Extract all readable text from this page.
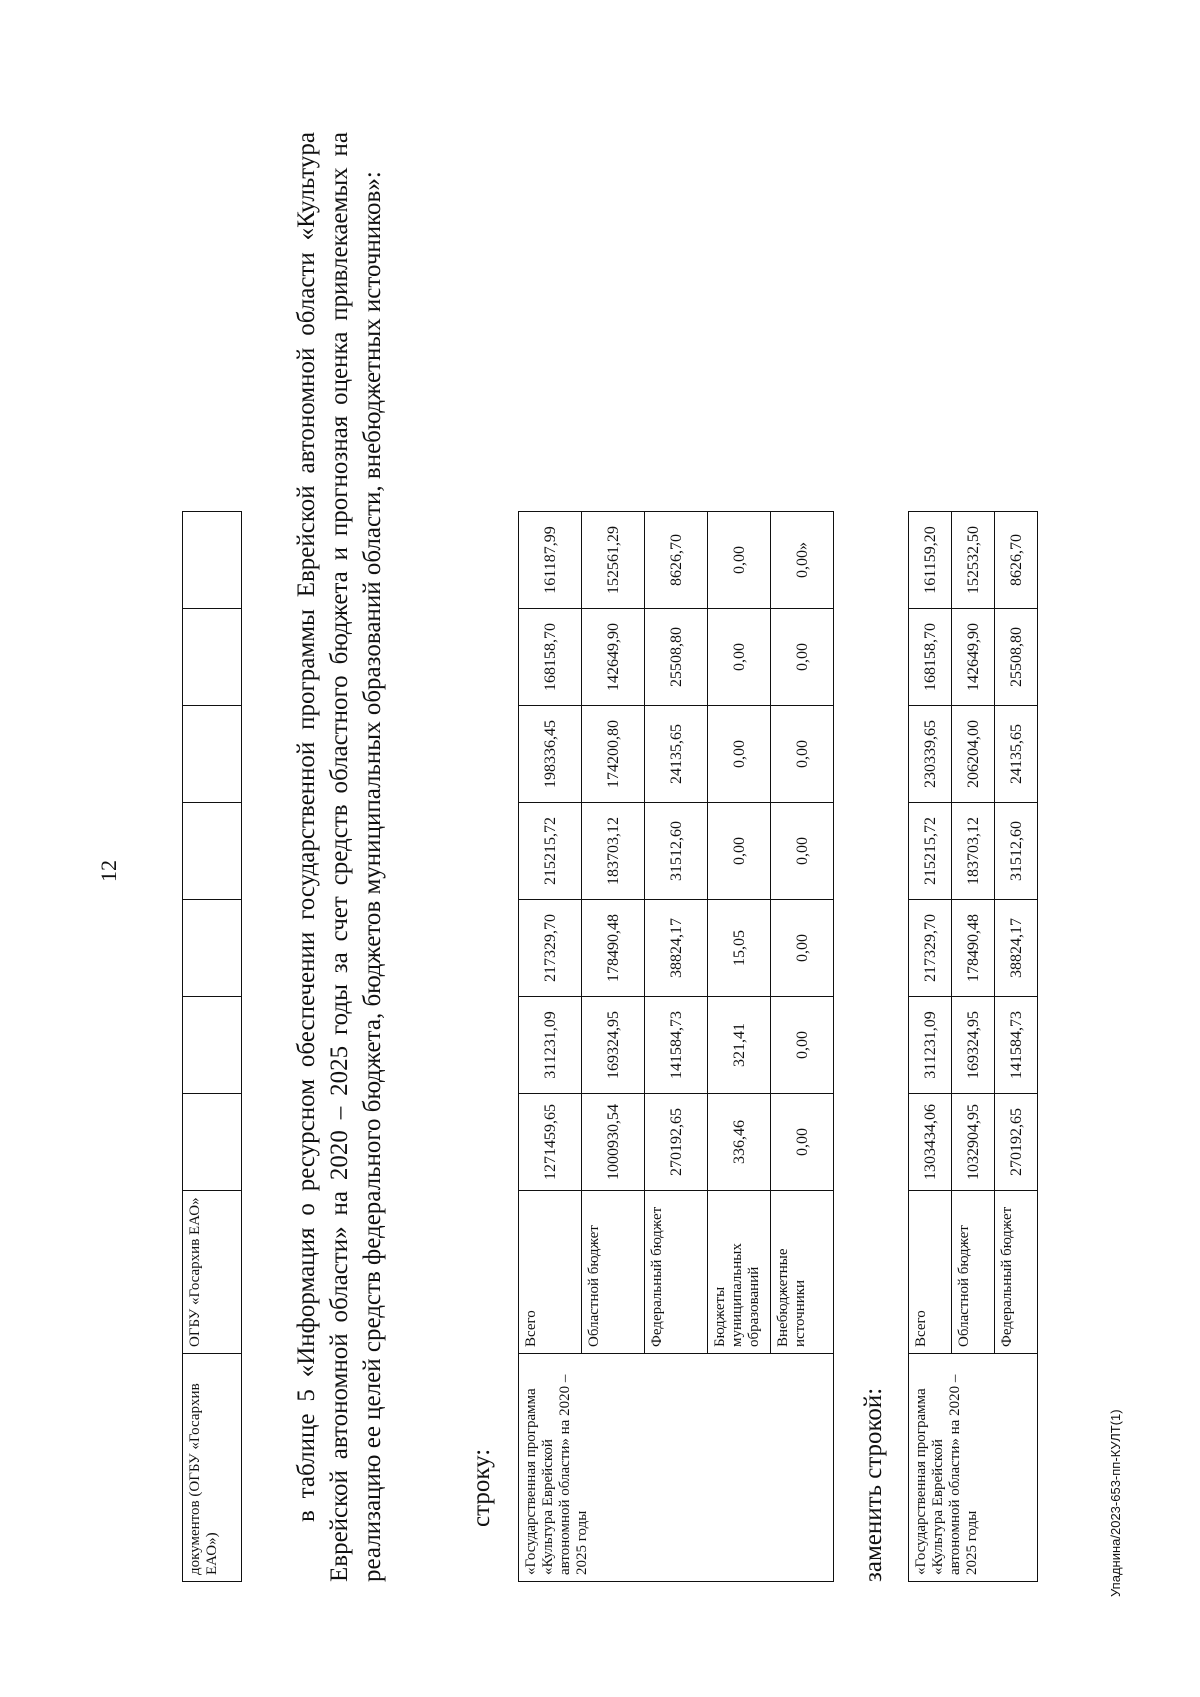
12
документов (ОГБУ «Госархив ЕАО»)	ОГБУ «Госархив ЕАО»								в таблице 5 «Информация о ресурсном обеспечении государственной программы Еврейской автономной области «Культура Еврейской автономной области» на 2020 – 2025 годы за счет средств областного бюджета и прогнозная оценка привлекаемых на реализацию ее целей средств федерального бюджета, бюджетов муниципальных образований области, внебюджетных источников»:	строку: «Государственная программа «Культура Еврейской автономной области» на 2020 – 2025 годы	Всего	1271459,65	311231,09	217329,70	215215,72	198336,45	168158,70	161187,99
	Областной бюджет	1000930,54	169324,95	178490,48	183703,12	174200,80	142649,90	152561,29
	Федеральный бюджет	270192,65	141584,73	38824,17	31512,60	24135,65	25508,80	8626,70
	Бюджеты муниципальных образований	336,46	321,41	15,05	0,00	0,00	0,00	0,00
	Внебюджетные источники	0,00	0,00	0,00	0,00	0,00	0,00	0,00»
заменить строкой: «Государственная программа «Культура Еврейской автономной области» на 2020 – 2025 годы	Всего	1303434,06	311231,09	217329,70	215215,72	230339,65	168158,70	161159,20
	Областной бюджет	1032904,95	169324,95	178490,48	183703,12	206204,00	142649,90	152532,50
	Федеральный бюджет	270192,65	141584,73	38824,17	31512,60	24135,65	25508,80	8626,70
Упаднина/2023-653-пп-КУЛТ(1)
